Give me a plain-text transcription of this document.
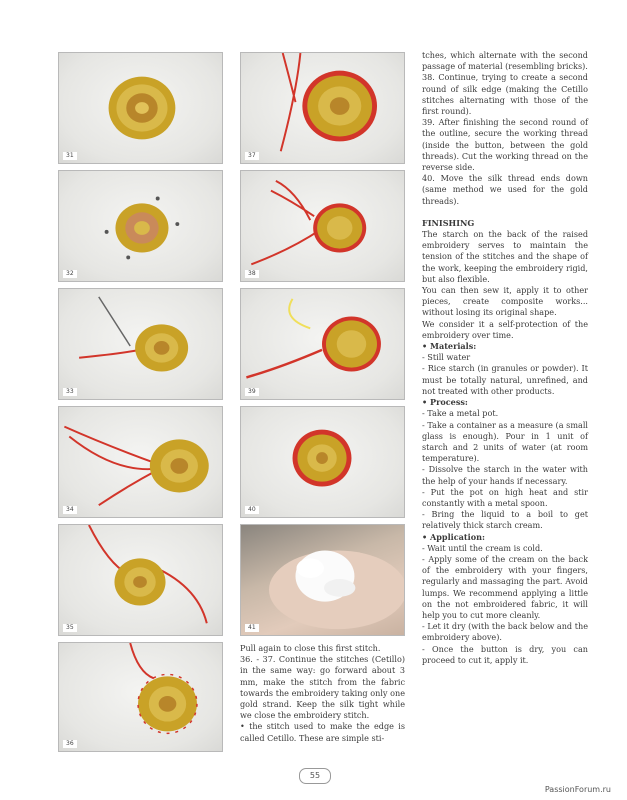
31
32
33
34
35
36
37
38
39
40
41

Pull again to close this first stitch.

36. - 37. Continue the stitches (Cetillo) in the same way: go forward about 3 mm, make the stitch from the fabric towards the embroidery taking only one gold strand. Keep the silk tight while we close the embroidery stitch.

• the stitch used to make the edge is called Cetillo. These are simple sti-

tches, which alternate with the second passage of material (resembling bricks).

38. Continue, trying to create a second round of silk edge (making the Cetillo stitches alternating with those of the first round).

39. After finishing the second round of the outline, secure the working thread (inside the button, between the gold threads). Cut the working thread on the reverse side.

40. Move the silk thread ends down (same method we used for the gold threads).

FINISHING

The starch on the back of the raised embroidery serves to maintain the tension of the stitches and the shape of the work, keeping the embroidery rigid, but also flexible.

You can then sew it, apply it to other pieces, create composite works... without losing its original shape.

We consider it a self-protection of the embroidery over time.

• Materials:

- Still water

- Rice starch (in granules or powder). It must be totally natural, unrefined, and not treated with other products.

• Process:

- Take a metal pot.

- Take a container as a measure (a small glass is enough). Pour in 1 unit of starch and 2 units of water (at room temperature).

- Dissolve the starch in the water with the help of your hands if necessary.

- Put the pot on high heat and stir constantly with a metal spoon.

- Bring the liquid to a boil to get relatively thick starch cream.

• Application:

- Wait until the cream is cold.

- Apply some of the cream on the back of the embroidery with your fingers, regularly and massaging the part. Avoid lumps. We recommend applying a little on the not embroidered fabric, it will help you to cut more cleanly.

- Let it dry (with the back below and the embroidery above).

- Once the button is dry, you can proceed to cut it, apply it.

55
PassionForum.ru
